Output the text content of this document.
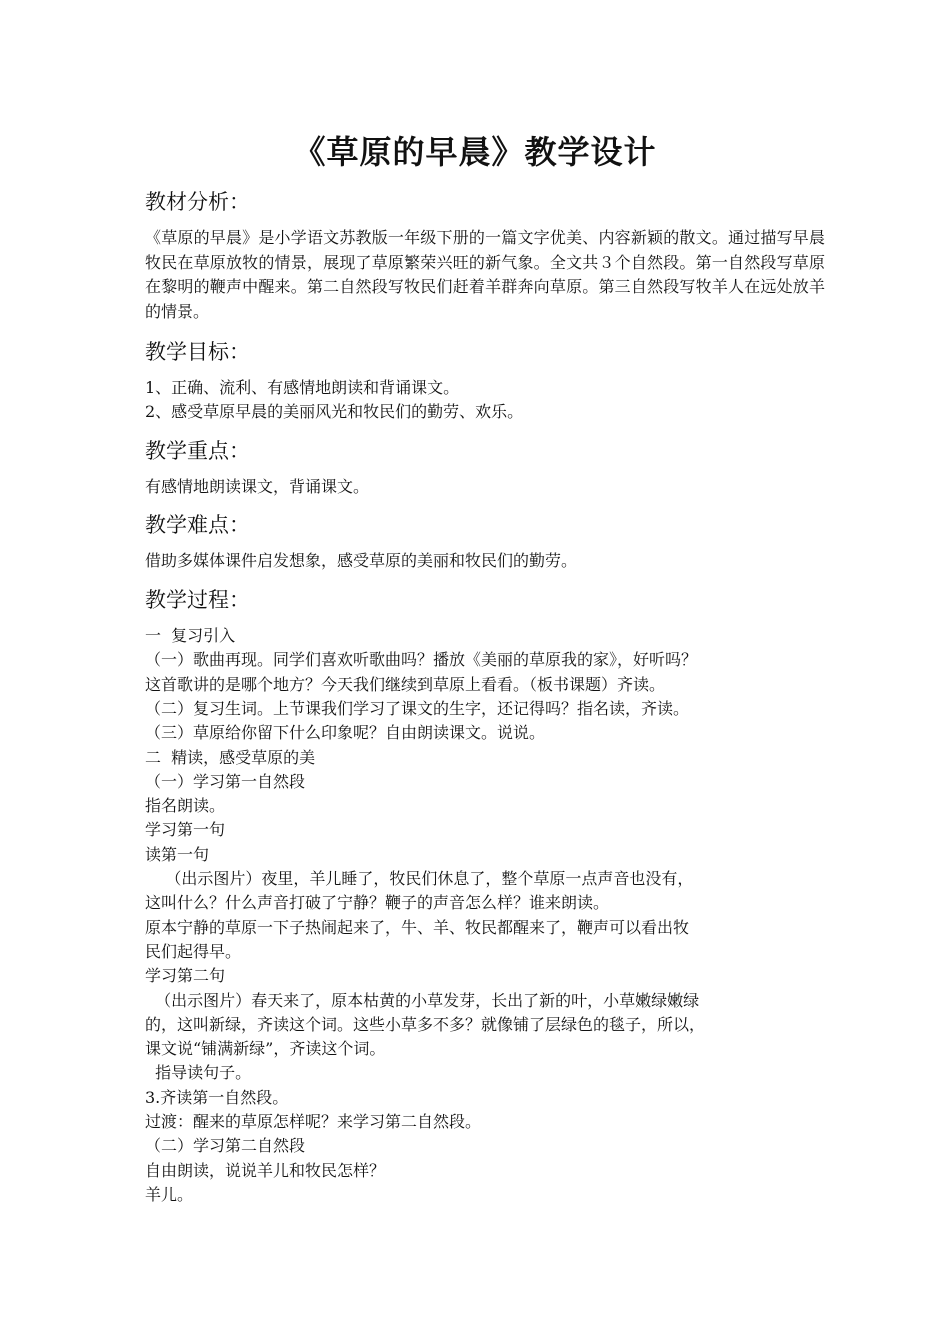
《草原的早晨》教学设计
教材分析：
《草原的早晨》是小学语文苏教版一年级下册的一篇文字优美、内容新颖的散文。通过描写早晨牧民在草原放牧的情景，展现了草原繁荣兴旺的新气象。全文共３个自然段。第一自然段写草原在黎明的鞭声中醒来。第二自然段写牧民们赶着羊群奔向草原。第三自然段写牧羊人在远处放羊的情景。
教学目标：
1、正确、流利、有感情地朗读和背诵课文。
2、感受草原早晨的美丽风光和牧民们的勤劳、欢乐。
教学重点：
有感情地朗读课文，背诵课文。
教学难点：
借助多媒体课件启发想象，感受草原的美丽和牧民们的勤劳。
教学过程：
一  复习引入
（一）歌曲再现。同学们喜欢听歌曲吗？播放《美丽的草原我的家》，好听吗？
这首歌讲的是哪个地方？今天我们继续到草原上看看。（板书课题）齐读。
（二）复习生词。上节课我们学习了课文的生字，还记得吗？指名读，齐读。
（三）草原给你留下什么印象呢？自由朗读课文。说说。
二  精读，感受草原的美
（一）学习第一自然段
指名朗读。
学习第一句
读第一句
（出示图片）夜里，羊儿睡了，牧民们休息了，整个草原一点声音也没有，
这叫什么？什么声音打破了宁静？鞭子的声音怎么样？谁来朗读。
原本宁静的草原一下子热闹起来了，牛、羊、牧民都醒来了，鞭声可以看出牧
民们起得早。
学习第二句
（出示图片）春天来了，原本枯黄的小草发芽，长出了新的叶，小草嫩绿嫩绿
的，这叫新绿，齐读这个词。这些小草多不多？就像铺了层绿色的毯子，所以，
课文说“铺满新绿”，齐读这个词。
指导读句子。
3.齐读第一自然段。
过渡：醒来的草原怎样呢？来学习第二自然段。
（二）学习第二自然段
自由朗读，说说羊儿和牧民怎样？
羊儿。
